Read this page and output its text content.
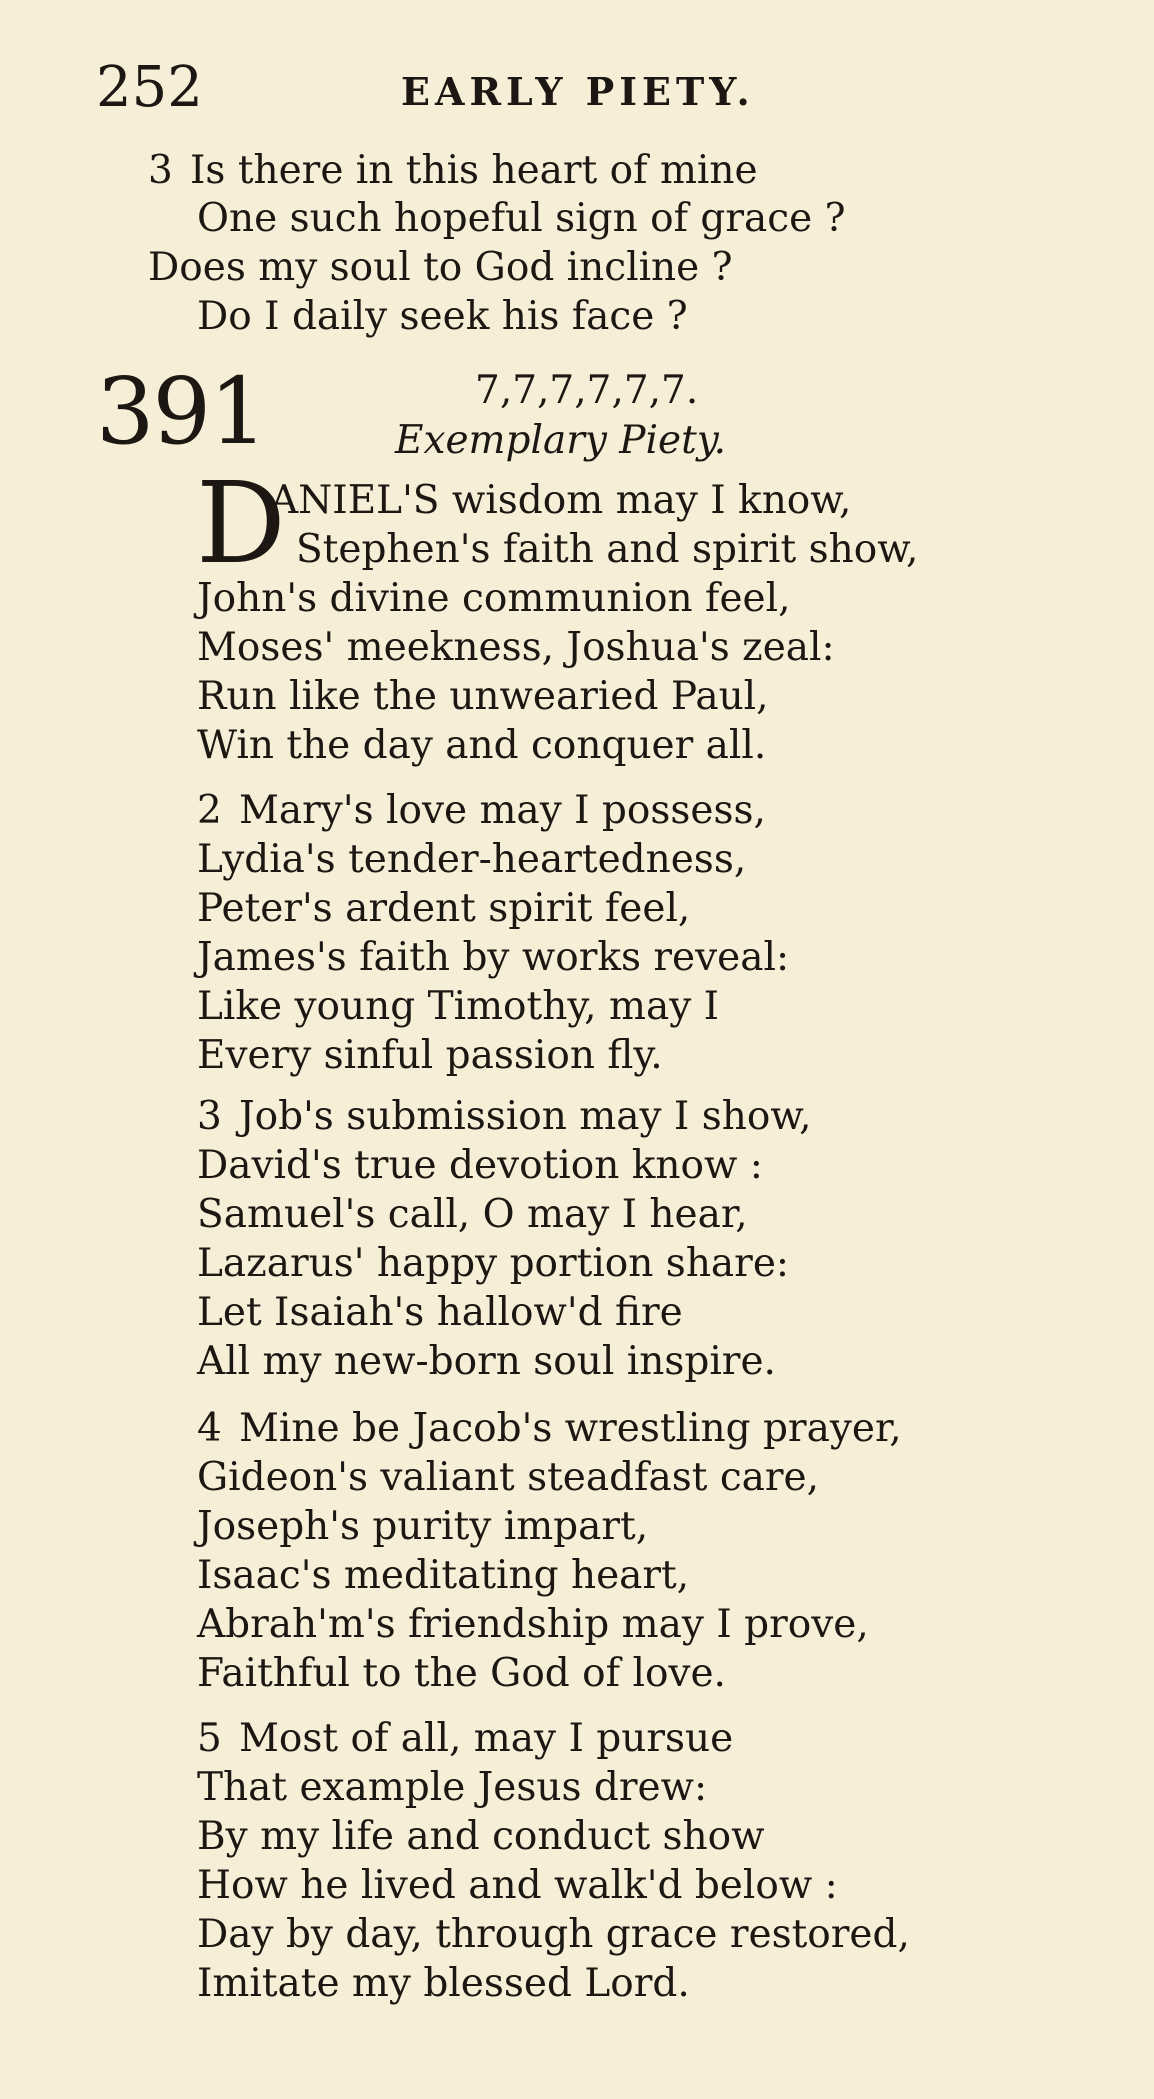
252	EARLY PIETY.
3 Is there in this heart of mine
One such hopeful sign of grace ?
Does my soul to God incline ?
Do I daily seek his face ?
391	7,7,7,7,7,7.
Exemplary Piety.
D
ANIEL'S wisdom may I know,
Stephen's faith and spirit show,
John's divine communion feel,
Moses' meekness, Joshua's zeal:
Run like the unwearied Paul,
Win the day and conquer all.
2 Mary's love may I possess,
Lydia's tender-heartedness,
Peter's ardent spirit feel,
James's faith by works reveal:
Like young Timothy, may I
Every sinful passion fly.
3 Job's submission may I show,
David's true devotion know :
Samuel's call, O may I hear,
Lazarus' happy portion share:
Let Isaiah's hallow'd fire
All my new-born soul inspire.
4 Mine be Jacob's wrestling prayer,
Gideon's valiant steadfast care,
Joseph's purity impart,
Isaac's meditating heart,
Abrah'm's friendship may I prove,
Faithful to the God of love.
5 Most of all, may I pursue
That example Jesus drew:
By my life and conduct show
How he lived and walk'd below :
Day by day, through grace restored,
Imitate my blessed Lord.
